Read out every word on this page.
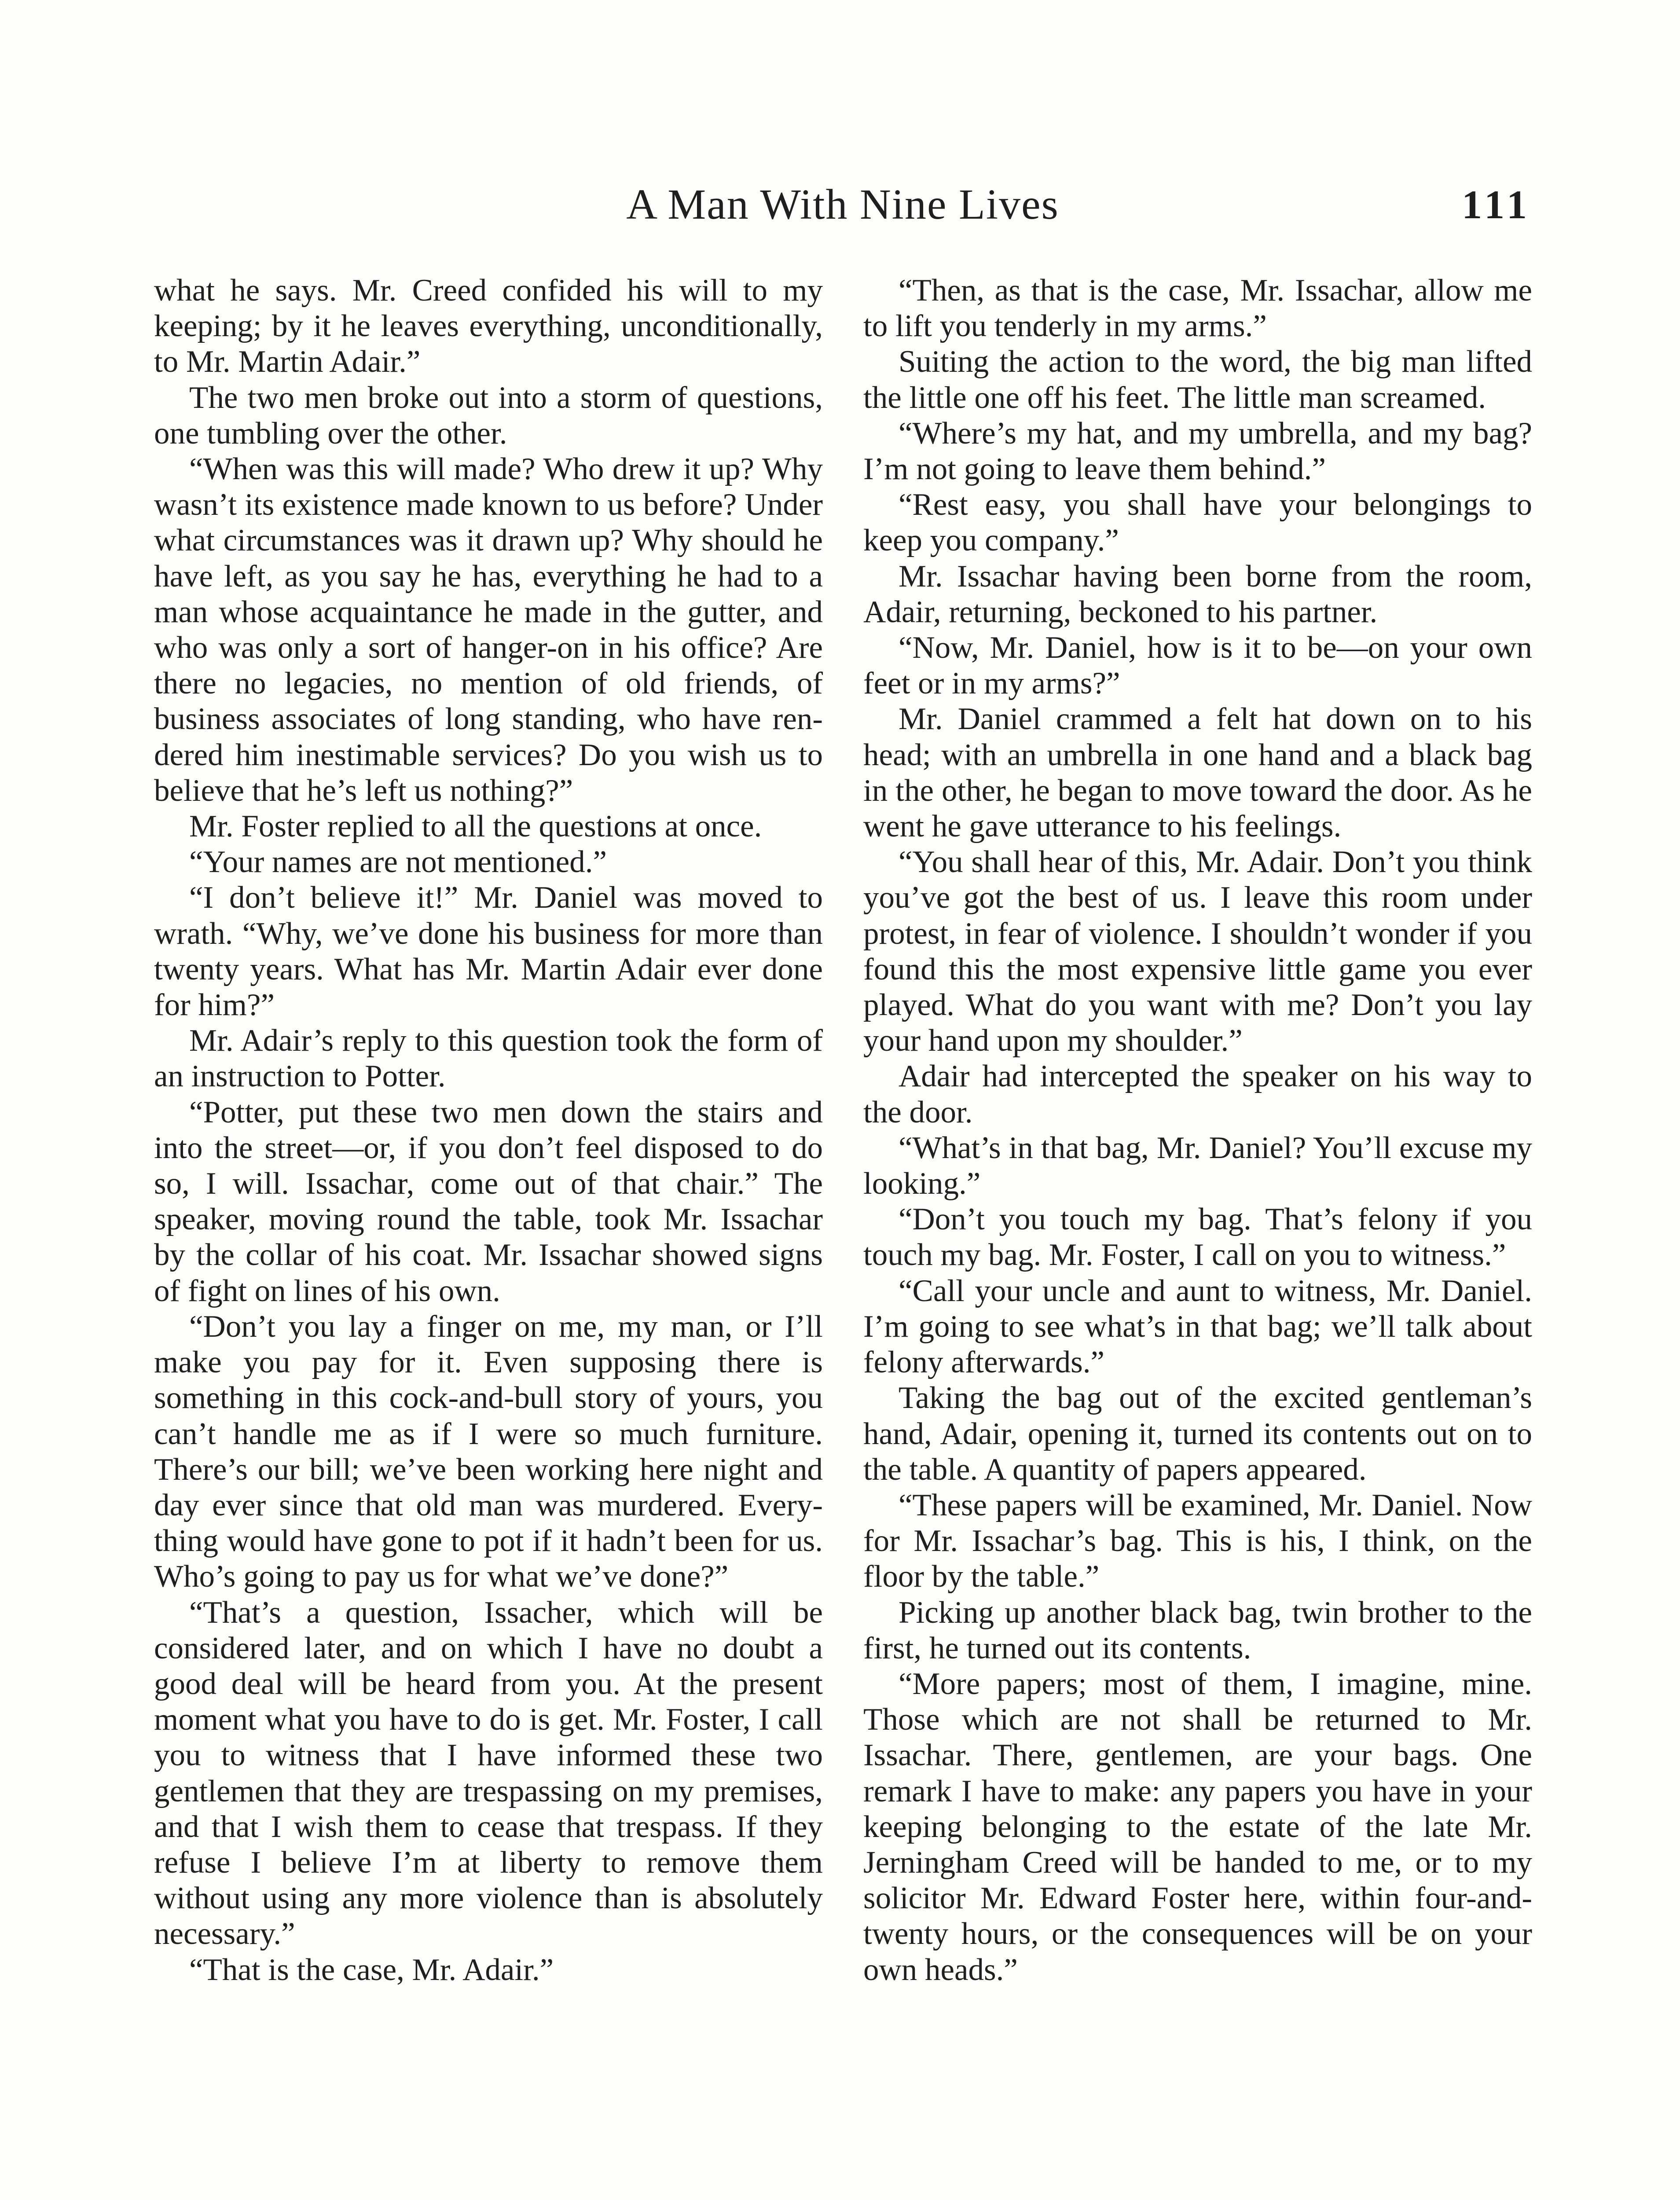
A Man With Nine Lives	111

what he says. Mr. Creed confided his will to my keeping; by it he leaves everything, unconditionally, to Mr. Martin Adair.”

The two men broke out into a storm of questions, one tumbling over the other.

“When was this will made? Who drew it up? Why wasn’t its existence made known to us before? Under what circumstances was it drawn up? Why should he have left, as you say he has, everything he had to a man whose acquaintance he made in the gutter, and who was only a sort of hanger-on in his office? Are there no legacies, no mention of old friends, of business associates of long standing, who have rendered him inestimable services? Do you wish us to believe that he’s left us nothing?”

Mr. Foster replied to all the questions at once.

“Your names are not mentioned.”

“I don’t believe it!” Mr. Daniel was moved to wrath. “Why, we’ve done his business for more than twenty years. What has Mr. Martin Adair ever done for him?”

Mr. Adair’s reply to this question took the form of an instruction to Potter.

“Potter, put these two men down the stairs and into the street—or, if you don’t feel disposed to do so, I will. Issachar, come out of that chair.” The speaker, moving round the table, took Mr. Issachar by the collar of his coat. Mr. Issachar showed signs of fight on lines of his own.

“Don’t you lay a finger on me, my man, or I’ll make you pay for it. Even supposing there is something in this cock-and-bull story of yours, you can’t handle me as if I were so much furniture. There’s our bill; we’ve been working here night and day ever since that old man was murdered. Everything would have gone to pot if it hadn’t been for us. Who’s going to pay us for what we’ve done?”

“That’s a question, Issacher, which will be considered later, and on which I have no doubt a good deal will be heard from you. At the present moment what you have to do is get. Mr. Foster, I call you to witness that I have informed these two gentlemen that they are trespassing on my premises, and that I wish them to cease that trespass. If they refuse I believe I’m at liberty to remove them without using any more violence than is absolutely necessary.”

“That is the case, Mr. Adair.”

“Then, as that is the case, Mr. Issachar, allow me to lift you tenderly in my arms.”

Suiting the action to the word, the big man lifted the little one off his feet. The little man screamed.

“Where’s my hat, and my umbrella, and my bag? I’m not going to leave them behind.”

“Rest easy, you shall have your belongings to keep you company.”

Mr. Issachar having been borne from the room, Adair, returning, beckoned to his partner.

“Now, Mr. Daniel, how is it to be—on your own feet or in my arms?”

Mr. Daniel crammed a felt hat down on to his head; with an umbrella in one hand and a black bag in the other, he began to move toward the door. As he went he gave utterance to his feelings.

“You shall hear of this, Mr. Adair. Don’t you think you’ve got the best of us. I leave this room under protest, in fear of violence. I shouldn’t wonder if you found this the most expensive little game you ever played. What do you want with me? Don’t you lay your hand upon my shoulder.”

Adair had intercepted the speaker on his way to the door.

“What’s in that bag, Mr. Daniel? You’ll excuse my looking.”

“Don’t you touch my bag. That’s felony if you touch my bag. Mr. Foster, I call on you to witness.”

“Call your uncle and aunt to witness, Mr. Daniel. I’m going to see what’s in that bag; we’ll talk about felony afterwards.”

Taking the bag out of the excited gentleman’s hand, Adair, opening it, turned its contents out on to the table. A quantity of papers appeared.

“These papers will be examined, Mr. Daniel. Now for Mr. Issachar’s bag. This is his, I think, on the floor by the table.”

Picking up another black bag, twin brother to the first, he turned out its contents.

“More papers; most of them, I imagine, mine. Those which are not shall be returned to Mr. Issachar. There, gentlemen, are your bags. One remark I have to make: any papers you have in your keeping belonging to the estate of the late Mr. Jerningham Creed will be handed to me, or to my solicitor Mr. Edward Foster here, within four-andtwenty hours, or the consequences will be on your own heads.”
